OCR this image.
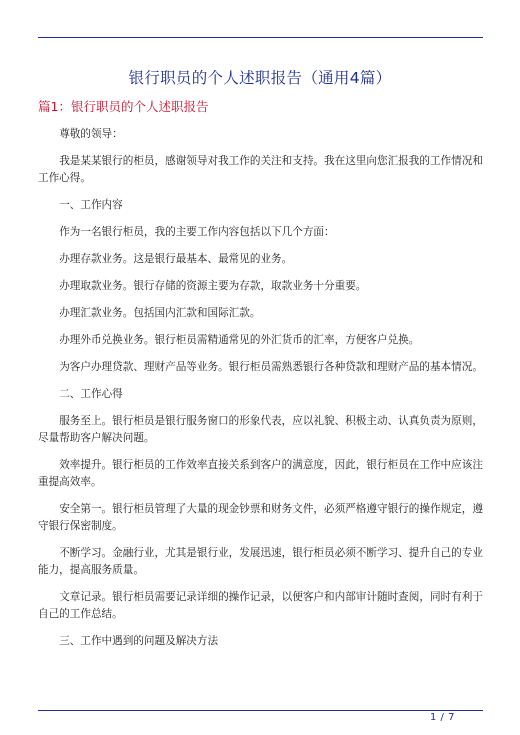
银行职员的个人述职报告（通用4篇）
篇1：银行职员的个人述职报告

尊敬的领导：

我是某某银行的柜员，感谢领导对我工作的关注和支持。我在这里向您汇报我的工作情况和工作心得。

一、工作内容

作为一名银行柜员，我的主要工作内容包括以下几个方面：

办理存款业务。这是银行最基本、最常见的业务。

办理取款业务。银行存储的资源主要为存款，取款业务十分重要。

办理汇款业务。包括国内汇款和国际汇款。

办理外币兑换业务。银行柜员需精通常见的外汇货币的汇率，方便客户兑换。

为客户办理贷款、理财产品等业务。银行柜员需熟悉银行各种贷款和理财产品的基本情况。

二、工作心得

服务至上。银行柜员是银行服务窗口的形象代表，应以礼貌、积极主动、认真负责为原则，尽量帮助客户解决问题。

效率提升。银行柜员的工作效率直接关系到客户的满意度，因此，银行柜员在工作中应该注重提高效率。

安全第一。银行柜员管理了大量的现金钞票和财务文件，必须严格遵守银行的操作规定，遵守银行保密制度。

不断学习。金融行业，尤其是银行业，发展迅速，银行柜员必须不断学习、提升自己的专业能力，提高服务质量。

文章记录。银行柜员需要记录详细的操作记录，以便客户和内部审计随时查阅，同时有利于自己的工作总结。

三、工作中遇到的问题及解决方法

1 / 7
